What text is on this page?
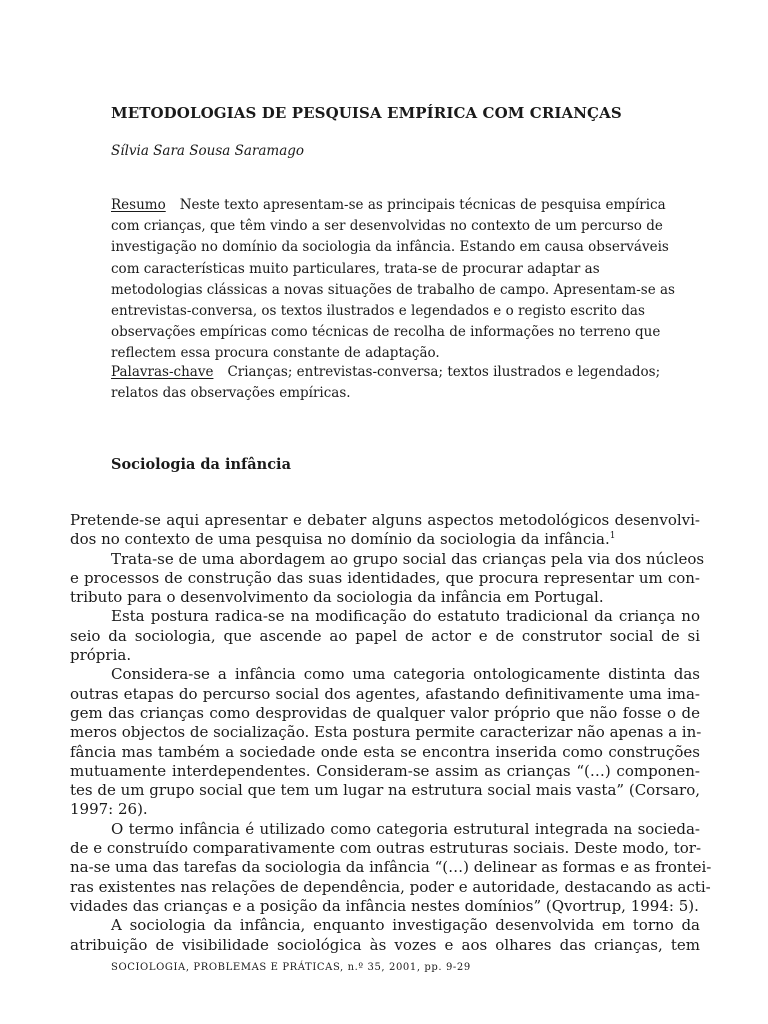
METODOLOGIAS DE PESQUISA EMPÍRICA COM CRIANÇAS

Sílvia Sara Sousa Saramago

Resumo Neste texto apresentam-se as principais técnicas de pesquisa empírica
com crianças, que têm vindo a ser desenvolvidas no contexto de um percurso de
investigação no domínio da sociologia da infância. Estando em causa observáveis
com características muito particulares, trata-se de procurar adaptar as
metodologias clássicas a novas situações de trabalho de campo. Apresentam-se as
entrevistas-conversa, os textos ilustrados e legendados e o registo escrito das
observações empíricas como técnicas de recolha de informações no terreno que
reflectem essa procura constante de adaptação.
Palavras-chave Crianças; entrevistas-conversa; textos ilustrados e legendados;
relatos das observações empíricas.
Sociologia da infância
Pretende-se aqui apresentar e debater alguns aspectos metodológicos desenvolvi-
dos no contexto de uma pesquisa no domínio da sociologia da infância.$^1$
Trata-se de uma abordagem ao grupo social das crianças pela via dos núcleos
e processos de construção das suas identidades, que procura representar um con-
tributo para o desenvolvimento da sociologia da infância em Portugal.
Esta postura radica-se na modificação do estatuto tradicional da criança no
seio da sociologia, que ascende ao papel de actor e de construtor social de si
própria.
Considera-se a infância como uma categoria ontologicamente distinta das
outras etapas do percurso social dos agentes, afastando definitivamente uma ima-
gem das crianças como desprovidas de qualquer valor próprio que não fosse o de
meros objectos de socialização. Esta postura permite caracterizar não apenas a in-
fância mas também a sociedade onde esta se encontra inserida como construções
mutuamente interdependentes. Consideram-se assim as crianças “(…) componen-
tes de um grupo social que tem um lugar na estrutura social mais vasta” (Corsaro,
1997: 26).
O termo infância é utilizado como categoria estrutural integrada na socieda-
de e construído comparativamente com outras estruturas sociais. Deste modo, tor-
na-se uma das tarefas da sociologia da infância “(…) delinear as formas e as frontei-
ras existentes nas relações de dependência, poder e autoridade, destacando as acti-
vidades das crianças e a posição da infância nestes domínios” (Qvortrup, 1994: 5).
A sociologia da infância, enquanto investigação desenvolvida em torno da
atribuição de visibilidade sociológica às vozes e aos olhares das crianças, tem

SOCIOLOGIA, PROBLEMAS E PRÁTICAS, n.º 35, 2001, pp. 9-29
